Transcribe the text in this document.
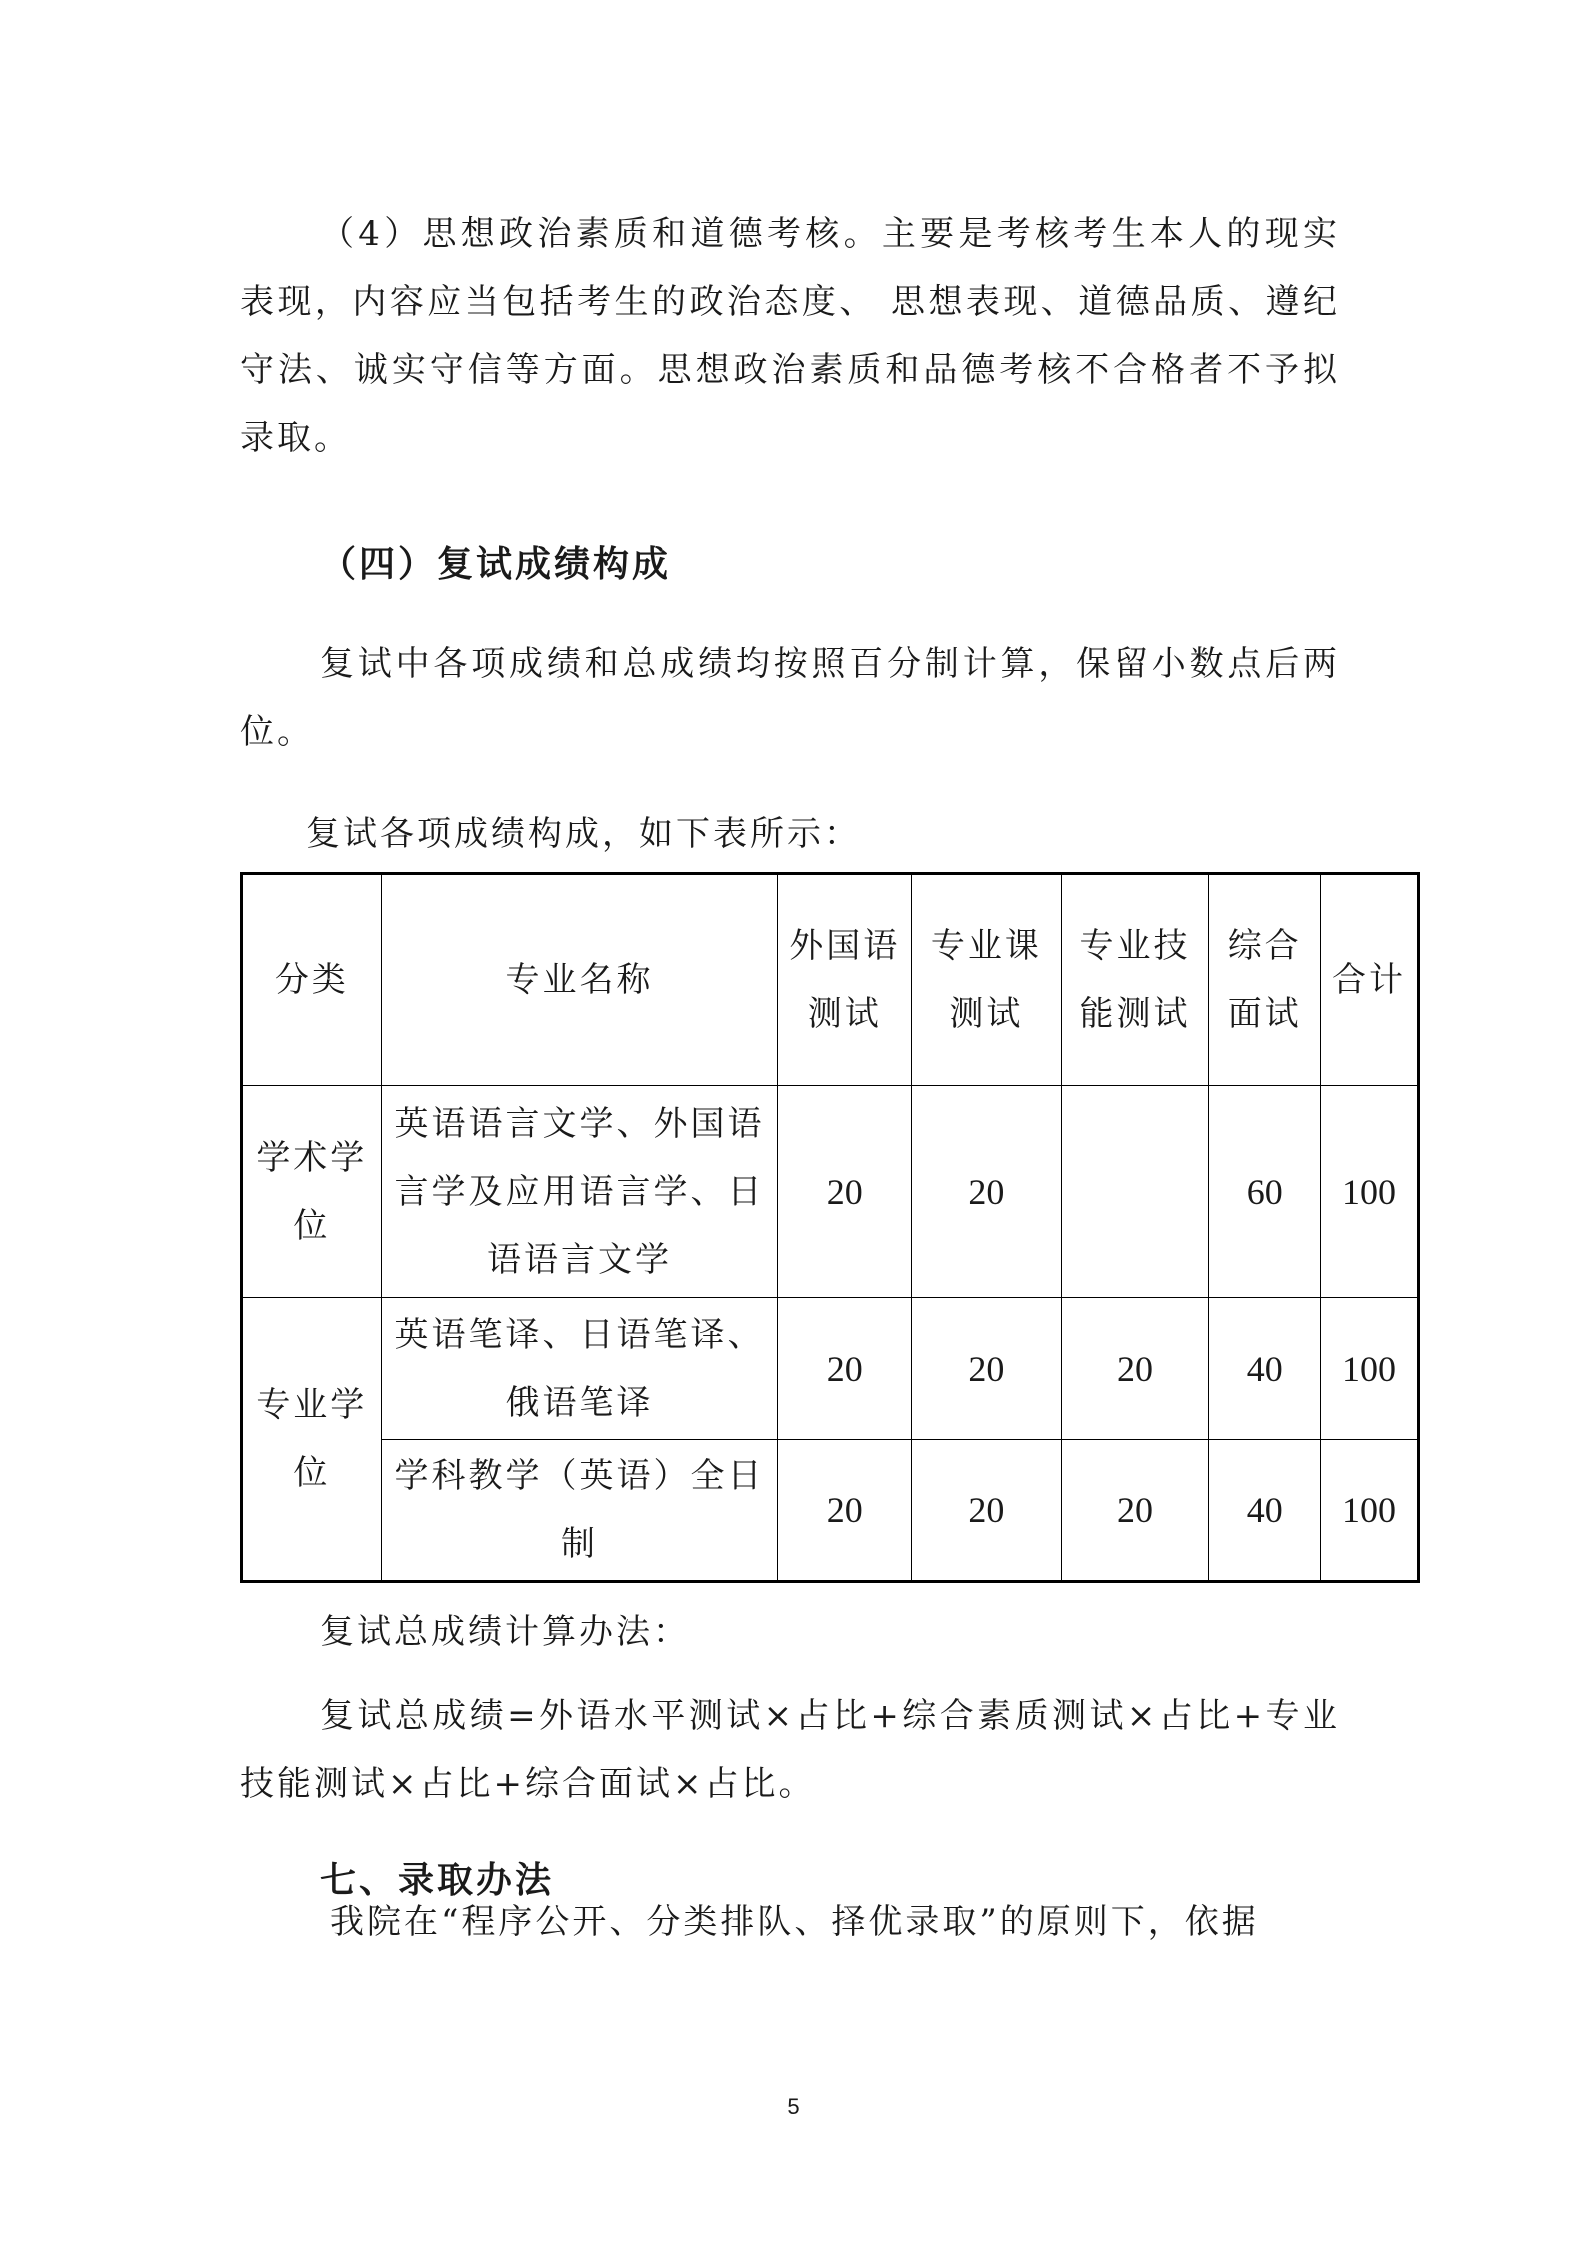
（4）思想政治素质和道德考核。主要是考核考生本人的现实表现，内容应当包括考生的政治态度、 思想表现、道德品质、遵纪守法、诚实守信等方面。思想政治素质和品德考核不合格者不予拟录取。

（四）复试成绩构成

复试中各项成绩和总成绩均按照百分制计算，保留小数点后两位。

复试各项成绩构成，如下表所示：

分类	专业名称	外国语测试	专业课测试	专业技能测试	综合面试	合计
学术学位	英语语言文学、外国语言学及应用语言学、日语语言文学	20	20		60	100
专业学位	英语笔译、日语笔译、俄语笔译	20	20	20	40	100
	学科教学（英语）全日制	20	20	20	40	100

复试总成绩计算办法：

复试总成绩=外语水平测试×占比+综合素质测试×占比+专业技能测试×占比+综合面试×占比。

七、录取办法

我院在“程序公开、分类排队、择优录取”的原则下，依据

5
